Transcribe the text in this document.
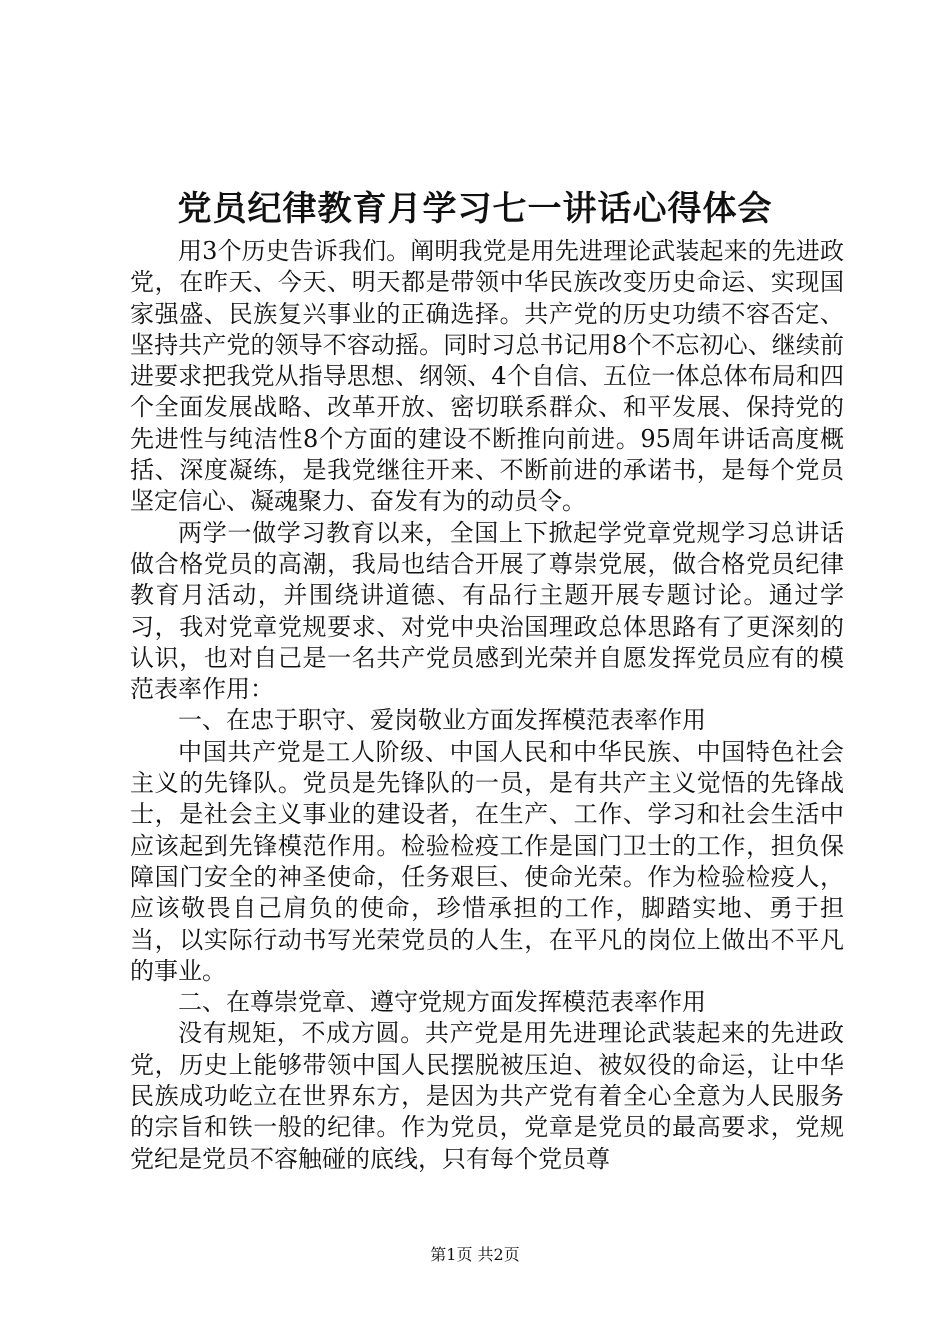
党员纪律教育月学习七一讲话心得体会

用3个历史告诉我们。阐明我党是用先进理论武装起来的先进政党，在昨天、今天、明天都是带领中华民族改变历史命运、实现国家强盛、民族复兴事业的正确选择。共产党的历史功绩不容否定、坚持共产党的领导不容动摇。同时习总书记用8个不忘初心、继续前进要求把我党从指导思想、纲领、4个自信、五位一体总体布局和四个全面发展战略、改革开放、密切联系群众、和平发展、保持党的先进性与纯洁性8个方面的建设不断推向前进。95周年讲话高度概括、深度凝练，是我党继往开来、不断前进的承诺书，是每个党员坚定信心、凝魂聚力、奋发有为的动员令。

两学一做学习教育以来，全国上下掀起学党章党规学习总讲话做合格党员的高潮，我局也结合开展了尊崇党展，做合格党员纪律教育月活动，并围绕讲道德、有品行主题开展专题讨论。通过学习，我对党章党规要求、对党中央治国理政总体思路有了更深刻的认识，也对自己是一名共产党员感到光荣并自愿发挥党员应有的模范表率作用：

一、在忠于职守、爱岗敬业方面发挥模范表率作用

中国共产党是工人阶级、中国人民和中华民族、中国特色社会主义的先锋队。党员是先锋队的一员，是有共产主义觉悟的先锋战士，是社会主义事业的建设者，在生产、工作、学习和社会生活中应该起到先锋模范作用。检验检疫工作是国门卫士的工作，担负保障国门安全的神圣使命，任务艰巨、使命光荣。作为检验检疫人，应该敬畏自己肩负的使命，珍惜承担的工作，脚踏实地、勇于担当，以实际行动书写光荣党员的人生，在平凡的岗位上做出不平凡的事业。

二、在尊崇党章、遵守党规方面发挥模范表率作用

没有规矩，不成方圆。共产党是用先进理论武装起来的先进政党，历史上能够带领中国人民摆脱被压迫、被奴役的命运，让中华民族成功屹立在世界东方，是因为共产党有着全心全意为人民服务的宗旨和铁一般的纪律。作为党员，党章是党员的最高要求，党规党纪是党员不容触碰的底线，只有每个党员尊

第1页 共2页
